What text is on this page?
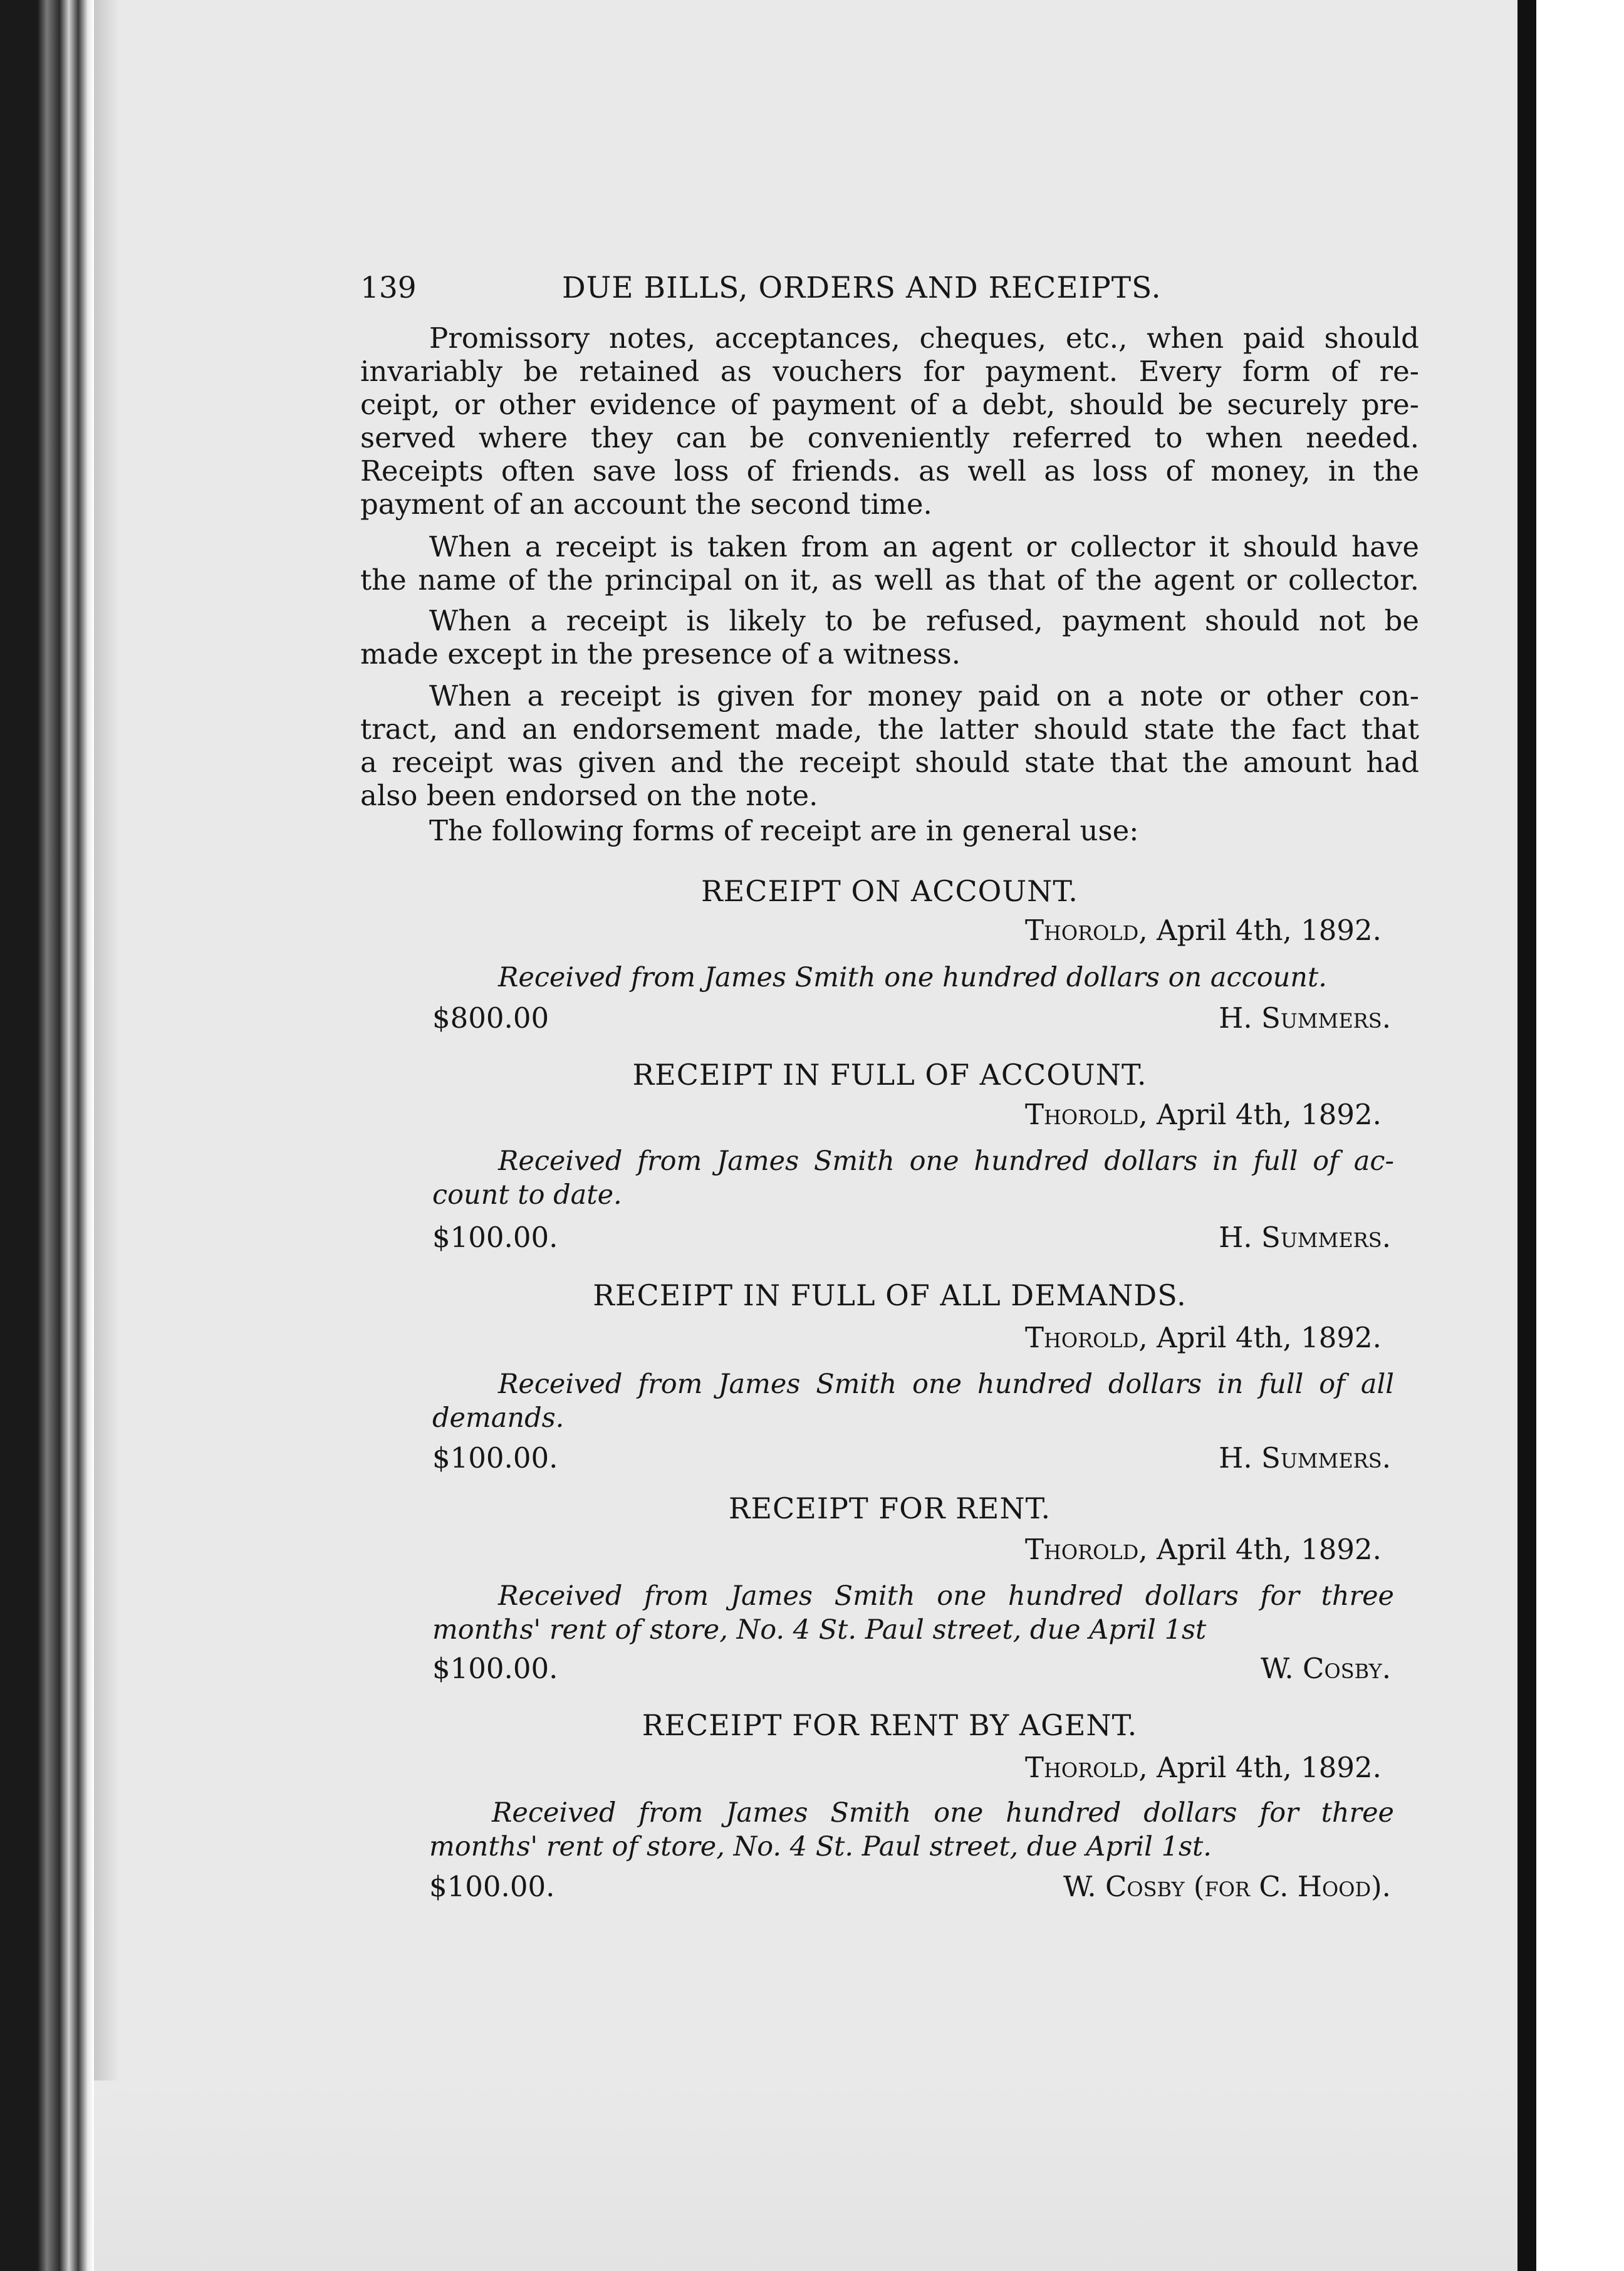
139	DUE BILLS, ORDERS AND RECEIPTS.
Promissory notes, acceptances, cheques, etc., when paid should
invariably be retained as vouchers for payment. Every form of re-
ceipt, or other evidence of payment of a debt, should be securely pre-
served where they can be conveniently referred to when needed.
Receipts often save loss of friends. as well as loss of money, in the
payment of an account the second time.
When a receipt is taken from an agent or collector it should have
the name of the principal on it, as well as that of the agent or collector.
When a receipt is likely to be refused, payment should not be
made except in the presence of a witness.
When a receipt is given for money paid on a note or other con-
tract, and an endorsement made, the latter should state the fact that
a receipt was given and the receipt should state that the amount had
also been endorsed on the note.
The following forms of receipt are in general use:
RECEIPT ON ACCOUNT.
Thorold, April 4th, 1892.
Received from James Smith one hundred dollars on account.
$800.00	H. Summers.
RECEIPT IN FULL OF ACCOUNT.
Thorold, April 4th, 1892.
Received from James Smith one hundred dollars in full of ac-
count to date.
$100.00.	H. Summers.
RECEIPT IN FULL OF ALL DEMANDS.
Thorold, April 4th, 1892.
Received from James Smith one hundred dollars in full of all
demands.
$100.00.	H. Summers.
RECEIPT FOR RENT.
Thorold, April 4th, 1892.
Received from James Smith one hundred dollars for three
months' rent of store, No. 4 St. Paul street, due April 1st
$100.00.	W. Cosby.
RECEIPT FOR RENT BY AGENT.
Thorold, April 4th, 1892.
Received from James Smith one hundred dollars for three
months' rent of store, No. 4 St. Paul street, due April 1st.
$100.00.	W. Cosby (for C. Hood).
